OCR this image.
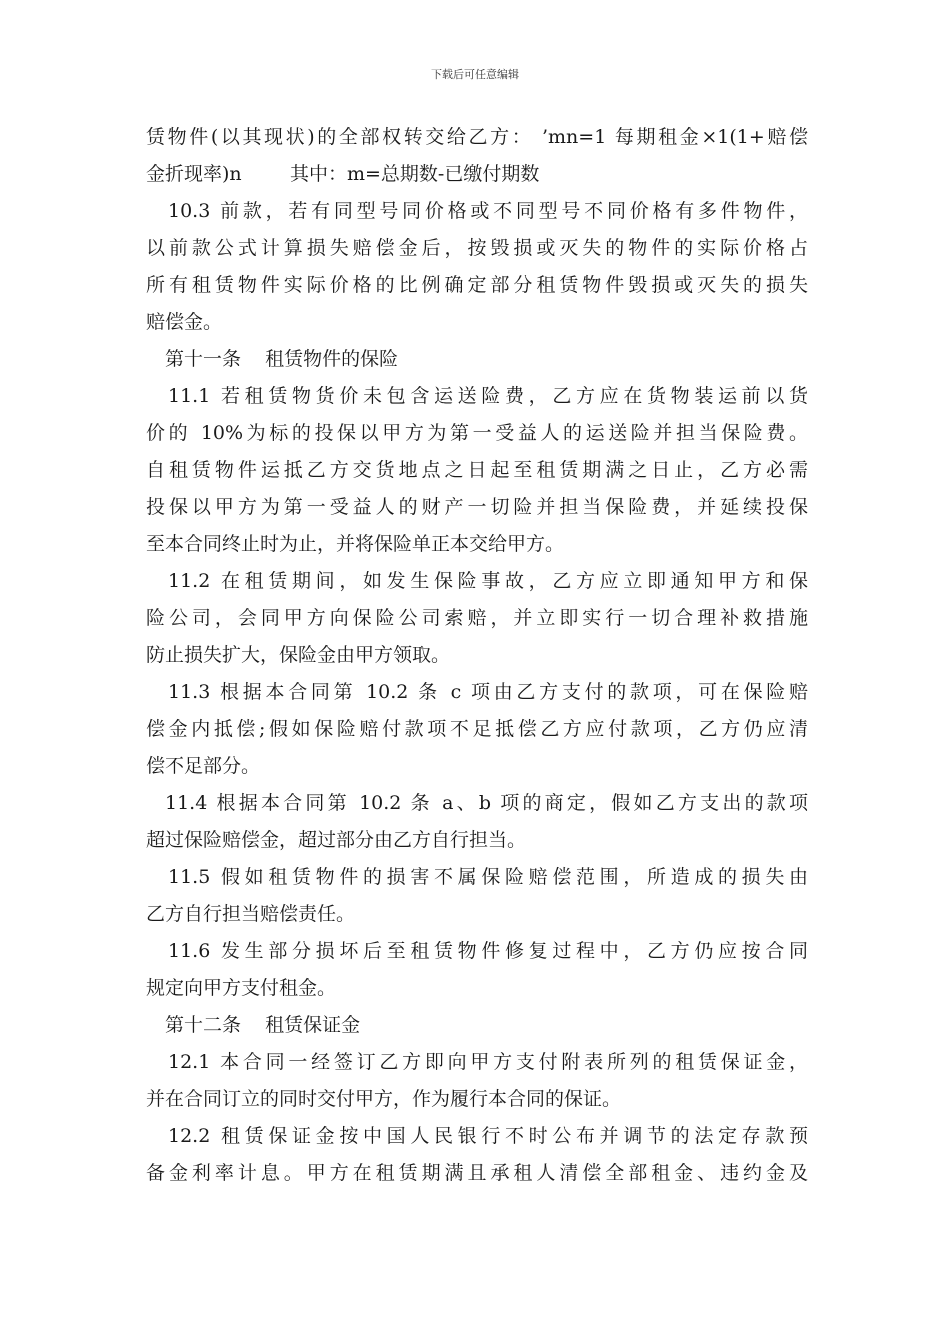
下载后可任意编辑
赁物件(以其现状)的全部权转交给乙方： ’mn=1 每期租金×1(1+赔偿
金折现率)n        其中：m=总期数-已缴付期数
10.3 前款，若有同型号同价格或不同型号不同价格有多件物件，
以前款公式计算损失赔偿金后，按毁损或灭失的物件的实际价格占
所有租赁物件实际价格的比例确定部分租赁物件毁损或灭失的损失
赔偿金。
第十一条    租赁物件的保险
11.1 若租赁物货价未包含运送险费，乙方应在货物装运前以货
价的 10%为标的投保以甲方为第一受益人的运送险并担当保险费。
自租赁物件运抵乙方交货地点之日起至租赁期满之日止，乙方必需
投保以甲方为第一受益人的财产一切险并担当保险费，并延续投保
至本合同终止时为止，并将保险单正本交给甲方。
11.2 在租赁期间，如发生保险事故，乙方应立即通知甲方和保
险公司，会同甲方向保险公司索赔，并立即实行一切合理补救措施
防止损失扩大，保险金由甲方领取。
11.3 根据本合同第 10.2 条 c 项由乙方支付的款项，可在保险赔
偿金内抵偿;假如保险赔付款项不足抵偿乙方应付款项，乙方仍应清
偿不足部分。
11.4 根据本合同第 10.2 条 a、b 项的商定，假如乙方支出的款项
超过保险赔偿金，超过部分由乙方自行担当。
11.5 假如租赁物件的损害不属保险赔偿范围，所造成的损失由
乙方自行担当赔偿责任。
11.6 发生部分损坏后至租赁物件修复过程中，乙方仍应按合同
规定向甲方支付租金。
第十二条    租赁保证金
12.1 本合同一经签订乙方即向甲方支付附表所列的租赁保证金，
并在合同订立的同时交付甲方，作为履行本合同的保证。
12.2 租赁保证金按中国人民银行不时公布并调节的法定存款预
备金利率计息。甲方在租赁期满且承租人清偿全部租金、违约金及
